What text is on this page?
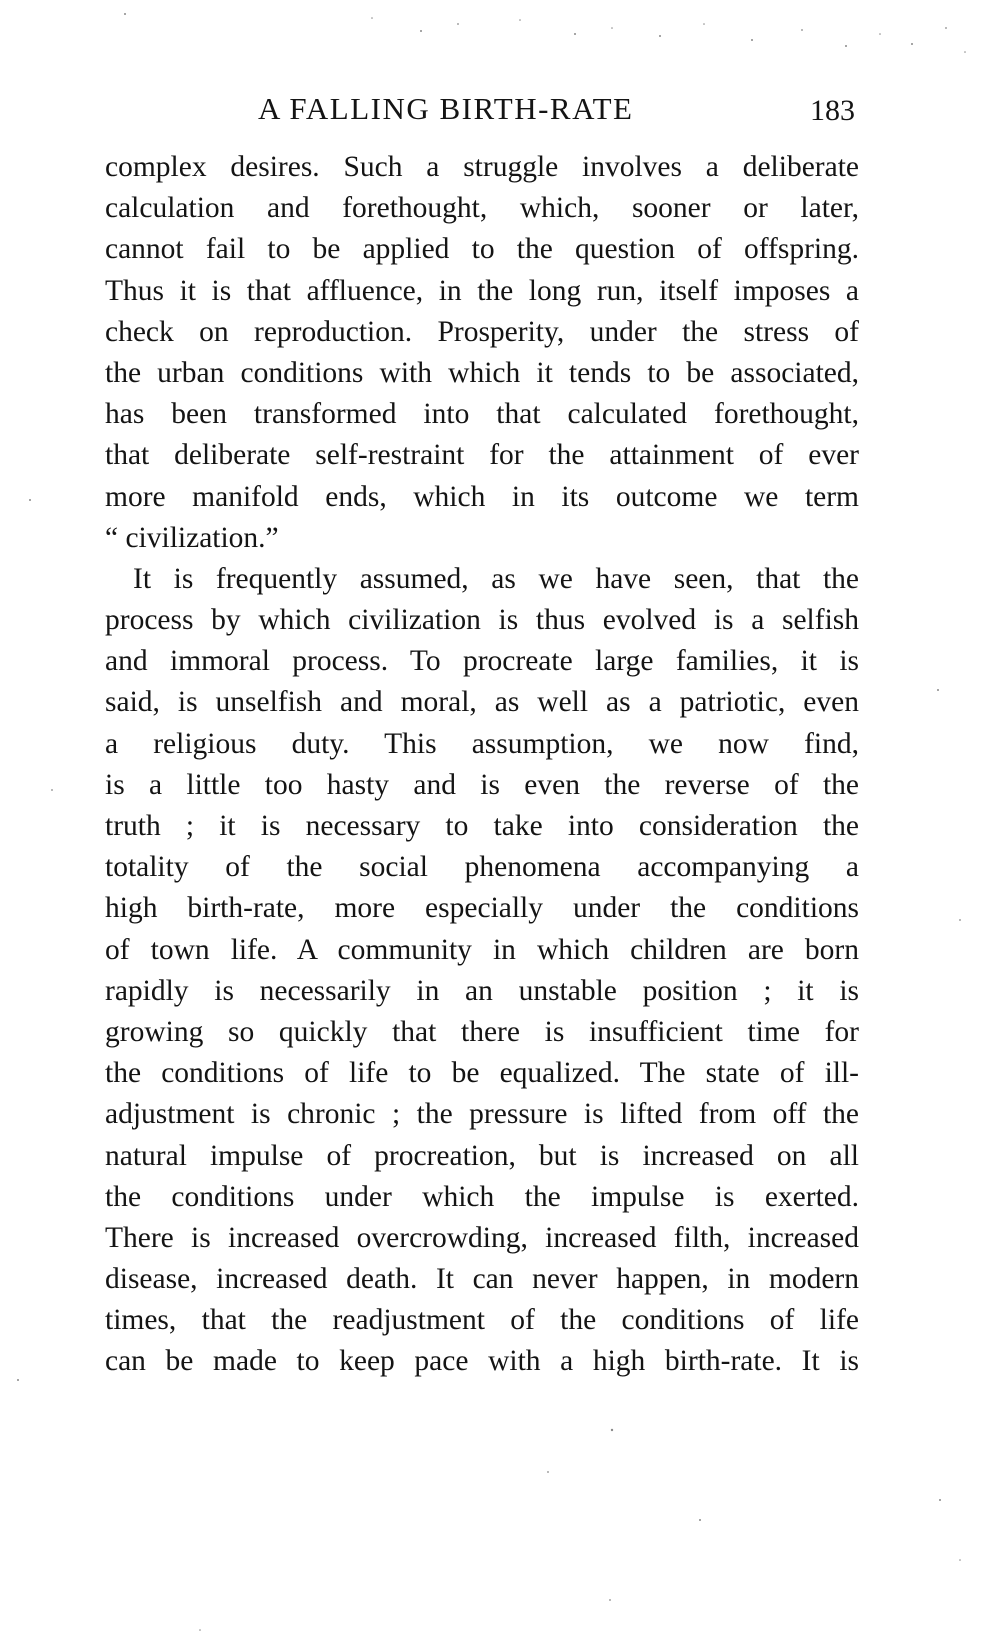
A FALLING BIRTH-RATE	183
complex desires. Such a struggle involves a deliberate
calculation and forethought, which, sooner or later,
cannot fail to be applied to the question of offspring.
Thus it is that affluence, in the long run, itself imposes a
check on reproduction. Prosperity, under the stress of
the urban conditions with which it tends to be associated,
has been transformed into that calculated forethought,
that deliberate self-restraint for the attainment of ever
more manifold ends, which in its outcome we term
“ civilization.”
It is frequently assumed, as we have seen, that the
process by which civilization is thus evolved is a selfish
and immoral process. To procreate large families, it is
said, is unselfish and moral, as well as a patriotic, even
a religious duty. This assumption, we now find,
is a little too hasty and is even the reverse of the
truth ; it is necessary to take into consideration the
totality of the social phenomena accompanying a
high birth-rate, more especially under the conditions
of town life. A community in which children are born
rapidly is necessarily in an unstable position ; it is
growing so quickly that there is insufficient time for
the conditions of life to be equalized. The state of ill-
adjustment is chronic ; the pressure is lifted from off the
natural impulse of procreation, but is increased on all
the conditions under which the impulse is exerted.
There is increased overcrowding, increased filth, increased
disease, increased death. It can never happen, in modern
times, that the readjustment of the conditions of life
can be made to keep pace with a high birth-rate. It is
